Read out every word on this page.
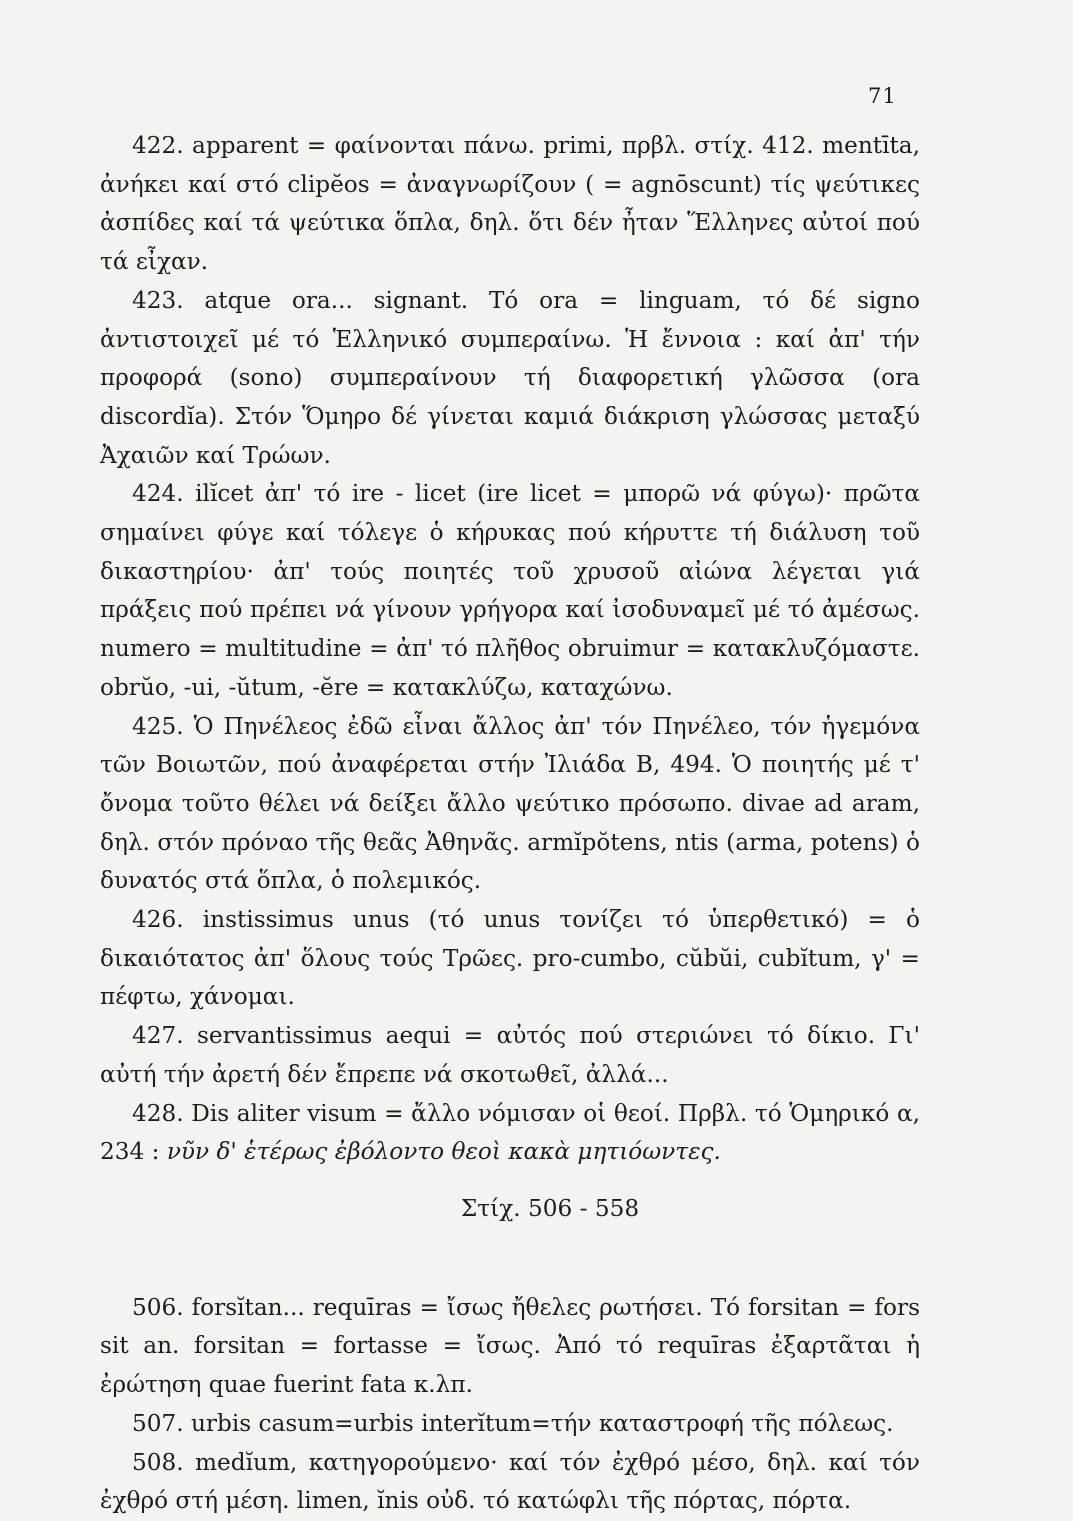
71

422. apparent = φαίνονται πάνω. primi, πρβλ. στίχ. 412. mentīta, ἀνήκει καί στό clipĕos = ἀναγνωρίζουν ( = agnōscunt) τίς ψεύτικες ἀσπίδες καί τά ψεύτικα ὅπλα, δηλ. ὅτι δέν ἦταν Ἕλληνες αὐτοί πού τά εἶχαν.

423. atque ora... signant. Τό ora = linguam, τό δέ signo ἀντιστοιχεῖ μέ τό Ἑλληνικό συμπεραίνω. Ἡ ἔννοια : καί ἀπ' τήν προφορά (sono) συμπεραίνουν τή διαφορετική γλῶσσα (ora discordĭa). Στόν Ὅμηρο δέ γίνεται καμιά διάκριση γλώσσας μεταξύ Ἀχαιῶν καί Τρώων.

424. ilĭcet ἀπ' τό ire - licet (ire licet = μπορῶ νά φύγω)· πρῶτα σημαίνει φύγε καί τόλεγε ὁ κήρυκας πού κήρυττε τή διάλυση τοῦ δικαστηρίου· ἀπ' τούς ποιητές τοῦ χρυσοῦ αἰώνα λέγεται γιά πράξεις πού πρέπει νά γίνουν γρήγορα καί ἰσοδυναμεῖ μέ τό ἀμέσως. numero = multitudine = ἀπ' τό πλῆθος obruimur = κατακλυζόμαστε. obrŭo, -ui, -ŭtum, -ĕre = κατακλύζω, καταχώνω.

425. Ὁ Πηνέλεος ἐδῶ εἶναι ἄλλος ἀπ' τόν Πηνέλεο, τόν ἡγεμόνα τῶν Βοιωτῶν, πού ἀναφέρεται στήν Ἰλιάδα Β, 494. Ὁ ποιητής μέ τ' ὄνομα τοῦτο θέλει νά δείξει ἄλλο ψεύτικο πρόσωπο. divae ad aram, δηλ. στόν πρόναο τῆς θεᾶς Ἀθηνᾶς. armĭpŏtens, ntis (arma, potens) ὁ δυνατός στά ὅπλα, ὁ πολεμικός.

426. instissimus unus (τό unus τονίζει τό ὑπερθετικό) = ὁ δικαιότατος ἀπ' ὅλους τούς Τρῶες. pro-cumbo, cŭbŭi, cubĭtum, γ' = πέφτω, χάνομαι.

427. servantissimus aequi = αὐτός πού στεριώνει τό δίκιο. Γι' αὐτή τήν ἀρετή δέν ἔπρεπε νά σκοτωθεῖ, ἀλλά...

428. Dis aliter visum = ἄλλο νόμισαν οἱ θεοί. Πρβλ. τό Ὁμηρικό α, 234 : νῦν δ' ἑτέρως ἐβόλοντο θεοὶ κακὰ μητιόωντες.

Στίχ. 506 - 558

506. forsĭtan... requīras = ἴσως ἤθελες ρωτήσει. Τό forsitan = fors sit an. forsitan = fortasse = ἴσως. Ἀπό τό requīras ἐξαρτᾶται ἡ ἐρώτηση quae fuerint fata κ.λπ.

507. urbis casum=urbis interĭtum=τήν καταστροφή τῆς πόλεως.

508. medĭum, κατηγορούμενο· καί τόν ἐχθρό μέσο, δηλ. καί τόν ἐχθρό στή μέση. limen, ĭnis οὐδ. τό κατώφλι τῆς πόρτας, πόρτα.
